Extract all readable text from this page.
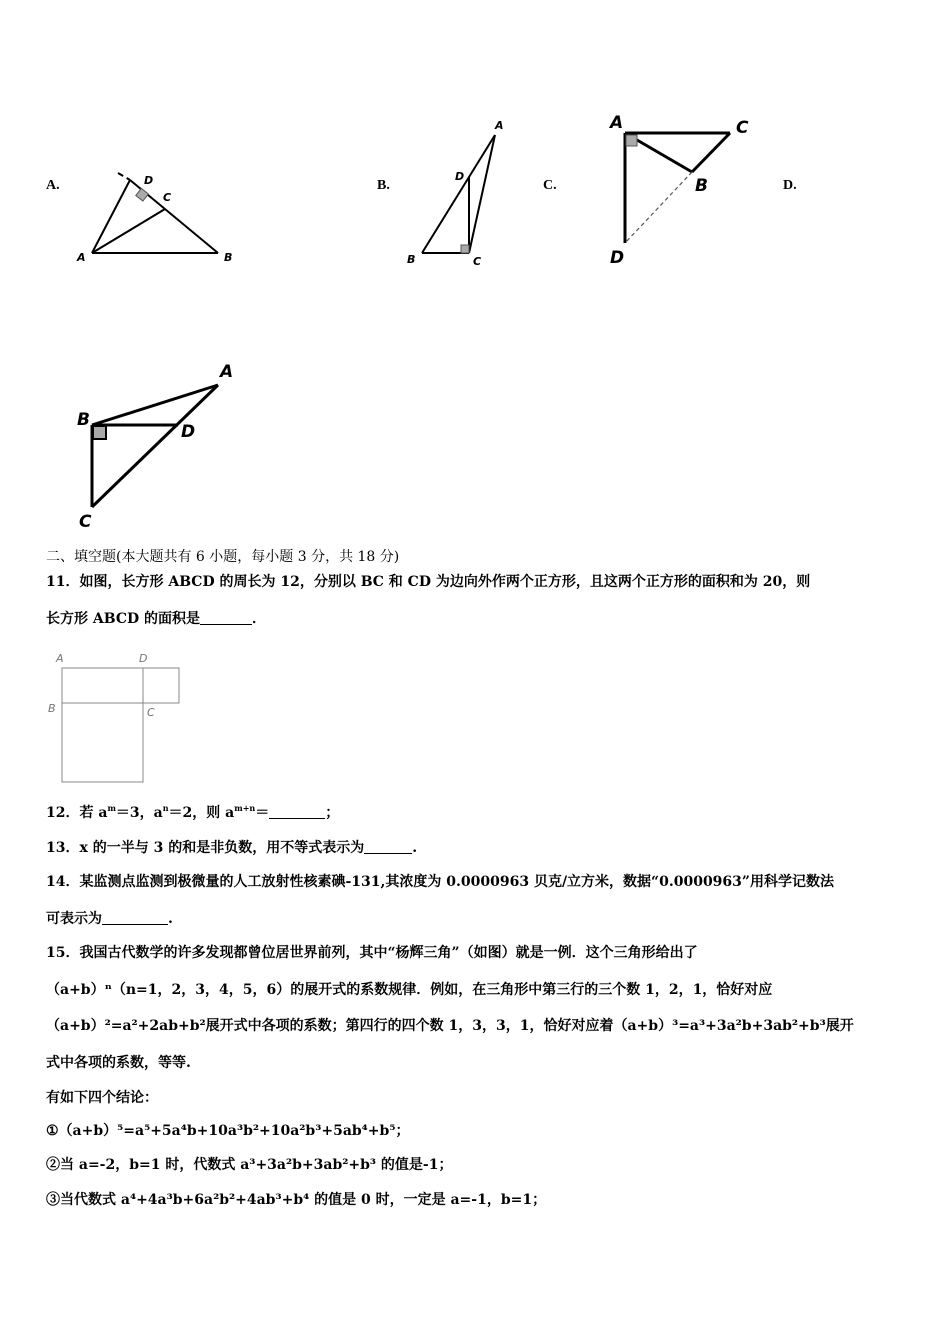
A.	B.	C.	D.
D
C
A	B
A
D
B	C
A	C
B
D
A
B
D
C
二、填空题(本大题共有 6 小题，每小题 3 分，共 18 分)
11．如图，长方形 ABCD 的周长为 12，分别以 BC 和 CD 为边向外作两个正方形，且这两个正方形的面积和为 20，则
长方形 ABCD 的面积是	．
A	D
B	C
12．若 $a^m=3$，$a^n=2$，则 $a^{m+n}=$	；
13．x 的一半与 3 的和是非负数，用不等式表示为	.
14．某监测点监测到极微量的人工放射性核素碘-131,其浓度为 0.0000963 贝克/立方米，数据“0.0000963”用科学记数法
可表示为	.
15．我国古代数学的许多发现都曾位居世界前列，其中“杨辉三角”（如图）就是一例．这个三角形给出了
（a+b）ⁿ（n=1，2，3，4，5，6）的展开式的系数规律．例如，在三角形中第三行的三个数 1，2，1，恰好对应
（a+b）²=a²+2ab+b²展开式中各项的系数；第四行的四个数 1，3，3，1，恰好对应着（a+b）³=a³+3a²b+3ab²+b³展开
式中各项的系数，等等.
有如下四个结论：
①（a+b）⁵=a⁵+5a⁴b+10a³b²+10a²b³+5ab⁴+b⁵；
②当 a=-2，b=1 时，代数式 a³+3a²b+3ab²+b³ 的值是-1；
③当代数式 a⁴+4a³b+6a²b²+4ab³+b⁴ 的值是 0 时，一定是 a=-1，b=1；
